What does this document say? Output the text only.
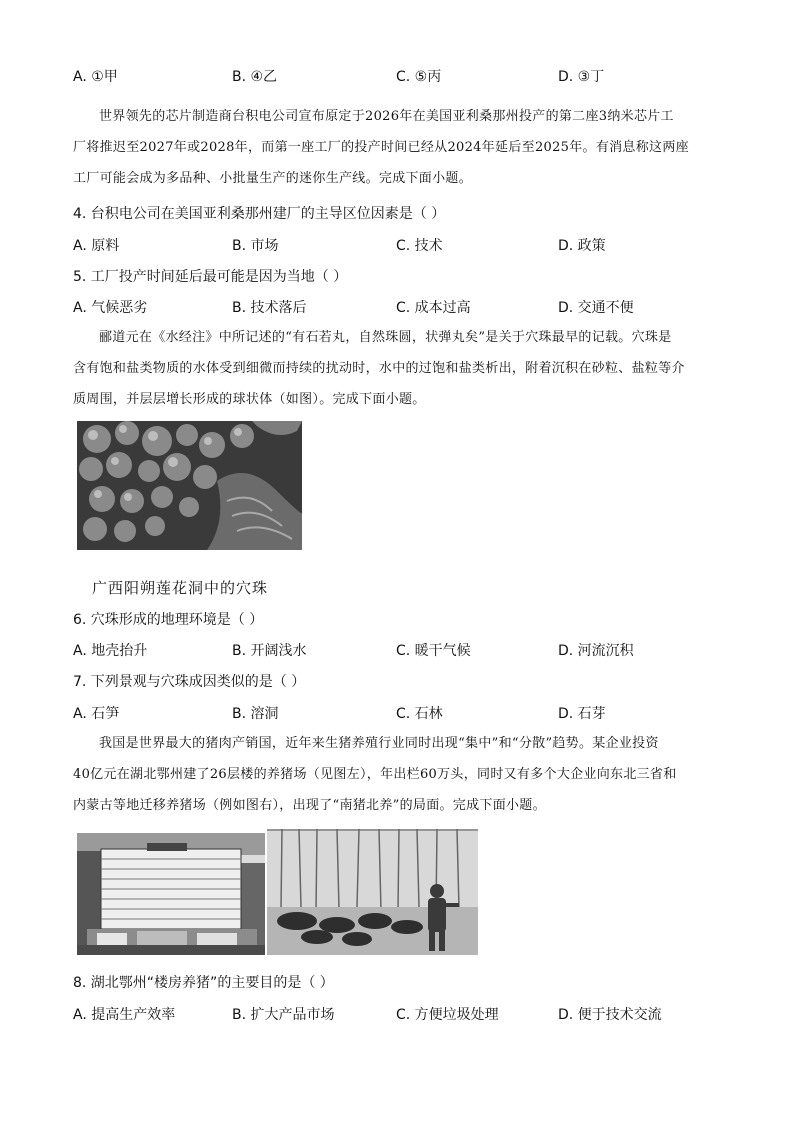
A. ①甲	B. ④乙	C. ⑤丙	D. ③丁
世界领先的芯片制造商台积电公司宣布原定于2026年在美国亚利桑那州投产的第二座3纳米芯片工
厂将推迟至2027年或2028年，而第一座工厂的投产时间已经从2024年延后至2025年。有消息称这两座
工厂可能会成为多品种、小批量生产的迷你生产线。完成下面小题。
4. 台积电公司在美国亚利桑那州建厂的主导区位因素是（ ）
A. 原料	B. 市场	C. 技术	D. 政策
5. 工厂投产时间延后最可能是因为当地（ ）
A. 气候恶劣	B. 技术落后	C. 成本过高	D. 交通不便
郦道元在《水经注》中所记述的“有石若丸，自然珠圆，状弹丸矣”是关于穴珠最早的记载。穴珠是
含有饱和盐类物质的水体受到细微而持续的扰动时，水中的过饱和盐类析出，附着沉积在砂粒、盐粒等介
质周围，并层层增长形成的球状体（如图）。完成下面小题。
广西阳朔莲花洞中的穴珠
6. 穴珠形成的地理环境是（ ）
A. 地壳抬升	B. 开阔浅水	C. 暖干气候	D. 河流沉积
7. 下列景观与穴珠成因类似的是（ ）
A. 石笋	B. 溶洞	C. 石林	D. 石芽
我国是世界最大的猪肉产销国，近年来生猪养殖行业同时出现“集中”和“分散”趋势。某企业投资
40亿元在湖北鄂州建了26层楼的养猪场（见图左），年出栏60万头，同时又有多个大企业向东北三省和
内蒙古等地迁移养猪场（例如图右），出现了“南猪北养”的局面。完成下面小题。
8. 湖北鄂州“楼房养猪”的主要目的是（ ）
A. 提高生产效率	B. 扩大产品市场	C. 方便垃圾处理	D. 便于技术交流
